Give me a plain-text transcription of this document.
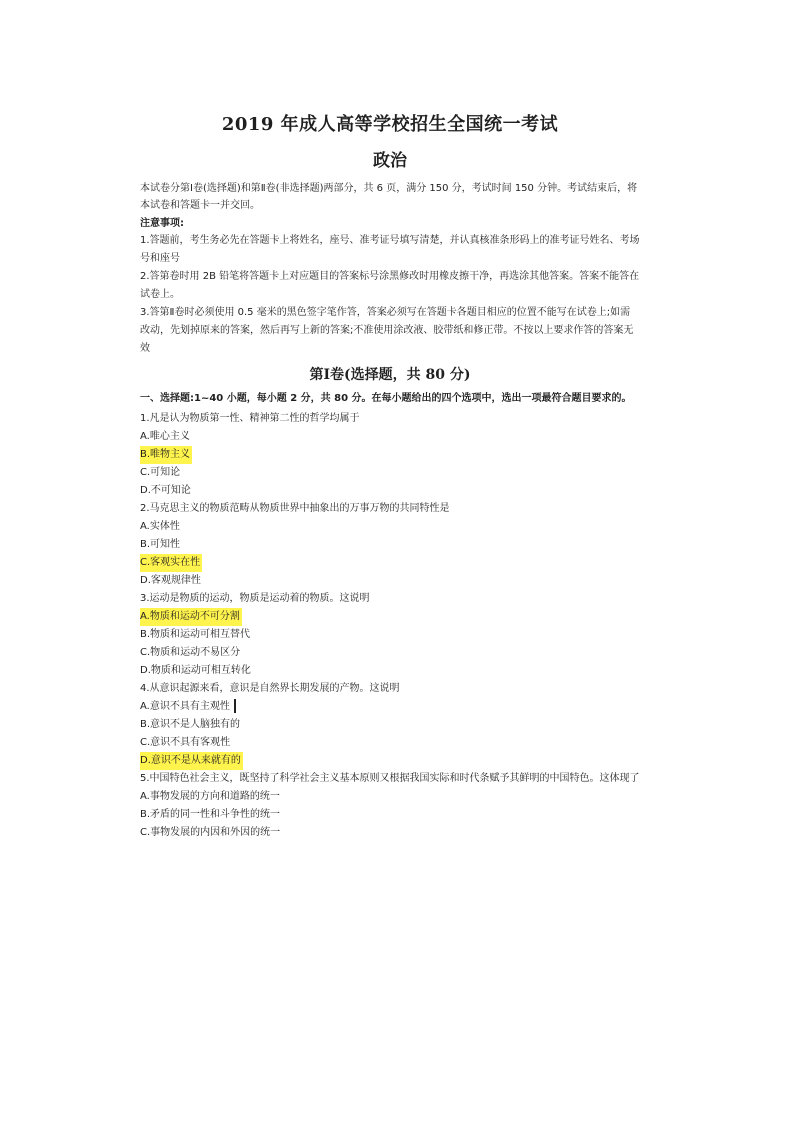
2019 年成人高等学校招生全国统一考试
政治

本试卷分第Ⅰ卷(选择题)和第Ⅱ卷(非选择题)两部分，共 6 页，满分 150 分，考试时间 150 分钟。考试结束后，将本试卷和答题卡一并交回。

注意事项:

1.答题前，考生务必先在答题卡上将姓名，座号、准考证号填写清楚，并认真核准条形码上的准考证号姓名、考场号和座号

2.答第卷时用 2B 铅笔将答题卡上对应题目的答案标号涂黑修改时用橡皮擦干净，再选涂其他答案。答案不能答在试卷上。

3.答第Ⅱ卷时必须使用 0.5 毫米的黑色签字笔作答，答案必须写在答题卡各题目相应的位置不能写在试卷上;如需改动，先划掉原来的答案，然后再写上新的答案;不准使用涂改液、胶带纸和修正带。不按以上要求作答的答案无效

第Ⅰ卷(选择题，共 80 分)

一、选择题:1~40 小题，每小题 2 分，共 80 分。在每小题给出的四个选项中，选出一项最符合题目要求的。

1.凡是认为物质第一性、精神第二性的哲学均属于

A.唯心主义
B.唯物主义
C.可知论
D.不可知论

2.马克思主义的物质范畴从物质世界中抽象出的万事万物的共同特性是

A.实体性
B.可知性
C.客观实在性
D.客观规律性

3.运动是物质的运动，物质是运动着的物质。这说明

A.物质和运动不可分割
B.物质和运动可相互替代
C.物质和运动不易区分
D.物质和运动可相互转化

4.从意识起源来看，意识是自然界长期发展的产物。这说明

A.意识不具有主观性
B.意识不是人脑独有的
C.意识不具有客观性
D.意识不是从来就有的

5.中国特色社会主义，既坚持了科学社会主义基本原则又根据我国实际和时代条赋予其鲜明的中国特色。这体现了

A.事物发展的方向和道路的统一
B.矛盾的同一性和斗争性的统一
C.事物发展的内因和外因的统一
